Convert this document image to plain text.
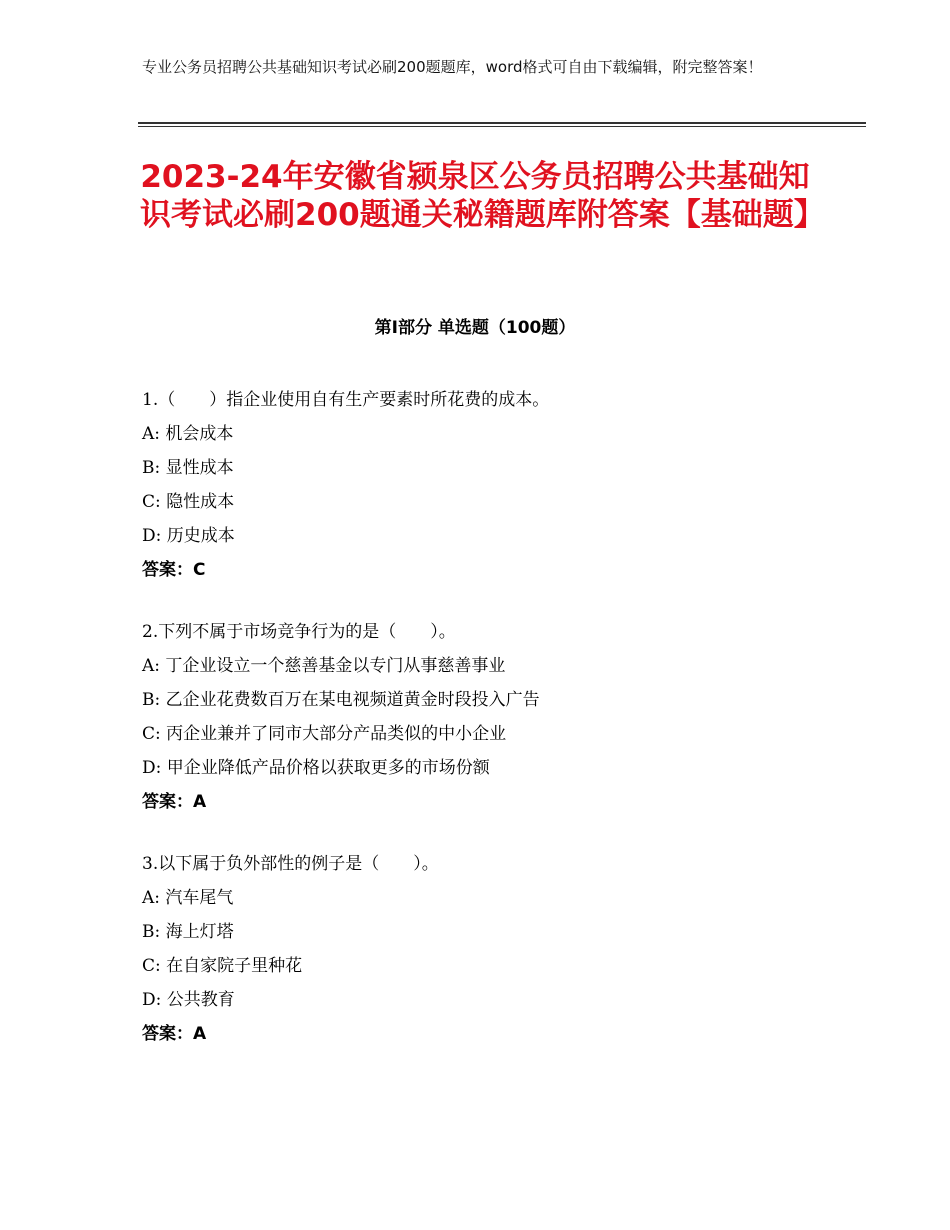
专业公务员招聘公共基础知识考试必刷200题题库，word格式可自由下载编辑，附完整答案！
2023-24年安徽省颍泉区公务员招聘公共基础知识考试必刷200题通关秘籍题库附答案【基础题】
第Ⅰ部分 单选题（100题）
1.（　　）指企业使用自有生产要素时所花费的成本。
A: 机会成本
B: 显性成本
C: 隐性成本
D: 历史成本
答案：C
2.下列不属于市场竞争行为的是（　　）。
A: 丁企业设立一个慈善基金以专门从事慈善事业
B: 乙企业花费数百万在某电视频道黄金时段投入广告
C: 丙企业兼并了同市大部分产品类似的中小企业
D: 甲企业降低产品价格以获取更多的市场份额
答案：A
3.以下属于负外部性的例子是（　　）。
A: 汽车尾气
B: 海上灯塔
C: 在自家院子里种花
D: 公共教育
答案：A
